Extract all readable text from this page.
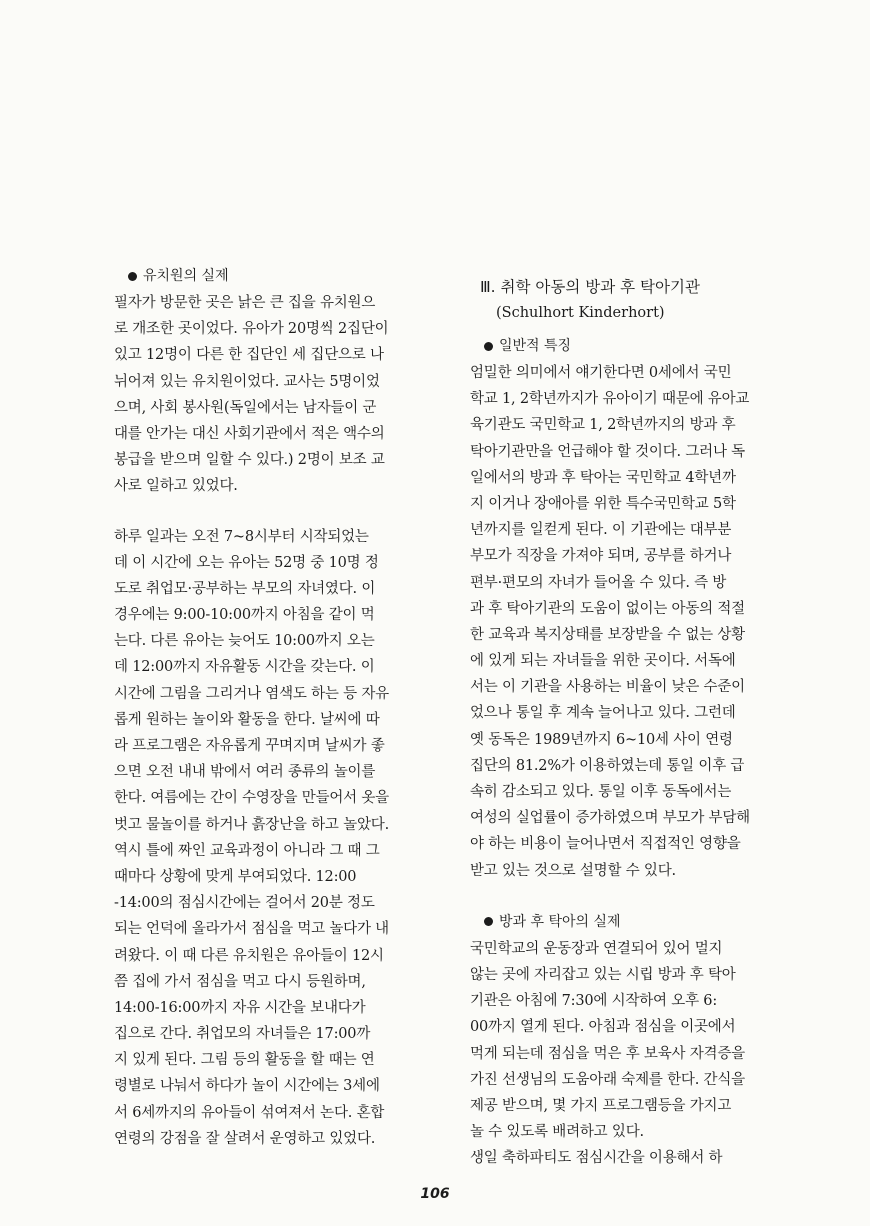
유치원의 실제
필자가 방문한 곳은 낡은 큰 집을 유치원으
로 개조한 곳이었다. 유아가 20명씩 2집단이
있고 12명이 다른 한 집단인 세 집단으로 나
뉘어져 있는 유치원이었다. 교사는 5명이었
으며, 사회 봉사원(독일에서는 남자들이 군
대를 안가는 대신 사회기관에서 적은 액수의
봉급을 받으며 일할 수 있다.) 2명이 보조 교
사로 일하고 있었다.
하루 일과는 오전 7~8시부터 시작되었는
데 이 시간에 오는 유아는 52명 중 10명 정
도로 취업모·공부하는 부모의 자녀였다. 이
경우에는 9:00-10:00까지 아침을 같이 먹
는다. 다른 유아는 늦어도 10:00까지 오는
데 12:00까지 자유활동 시간을 갖는다. 이
시간에 그림을 그리거나 염색도 하는 등 자유
롭게 원하는 놀이와 활동을 한다. 날씨에 따
라 프로그램은 자유롭게 꾸며지며 날씨가 좋
으면 오전 내내 밖에서 여러 종류의 놀이를
한다. 여름에는 간이 수영장을 만들어서 옷을
벗고 물놀이를 하거나 흙장난을 하고 놀았다.
역시 틀에 짜인 교육과정이 아니라 그 때 그
때마다 상황에 맞게 부여되었다. 12:00
-14:00의 점심시간에는 걸어서 20분 정도
되는 언덕에 올라가서 점심을 먹고 놀다가 내
려왔다. 이 때 다른 유치원은 유아들이 12시
쯤 집에 가서 점심을 먹고 다시 등원하며,
14:00-16:00까지 자유 시간을 보내다가
집으로 간다. 취업모의 자녀들은 17:00까
지 있게 된다. 그림 등의 활동을 할 때는 연
령별로 나눠서 하다가 놀이 시간에는 3세에
서 6세까지의 유아들이 섞여져서 논다. 혼합
연령의 강점을 잘 살려서 운영하고 있었다.
Ⅲ. 취학 아동의 방과 후 탁아기관
(Schulhort Kinderhort)
일반적 특징
엄밀한 의미에서 얘기한다면 0세에서 국민
학교 1, 2학년까지가 유아이기 때문에 유아교
육기관도 국민학교 1, 2학년까지의 방과 후
탁아기관만을 언급해야 할 것이다. 그러나 독
일에서의 방과 후 탁아는 국민학교 4학년까
지 이거나 장애아를 위한 특수국민학교 5학
년까지를 일컫게 된다. 이 기관에는 대부분
부모가 직장을 가져야 되며, 공부를 하거나
편부·편모의 자녀가 들어올 수 있다. 즉 방
과 후 탁아기관의 도움이 없이는 아동의 적절
한 교육과 복지상태를 보장받을 수 없는 상황
에 있게 되는 자녀들을 위한 곳이다. 서독에
서는 이 기관을 사용하는 비율이 낮은 수준이
었으나 통일 후 계속 늘어나고 있다. 그런데
옛 동독은 1989년까지 6~10세 사이 연령
집단의 81.2%가 이용하였는데 통일 이후 급
속히 감소되고 있다. 통일 이후 동독에서는
여성의 실업률이 증가하였으며 부모가 부담해
야 하는 비용이 늘어나면서 직접적인 영향을
받고 있는 것으로 설명할 수 있다.
방과 후 탁아의 실제
국민학교의 운동장과 연결되어 있어 멀지
않는 곳에 자리잡고 있는 시립 방과 후 탁아
기관은 아침에 7:30에 시작하여 오후 6:
00까지 열게 된다. 아침과 점심을 이곳에서
먹게 되는데 점심을 먹은 후 보육사 자격증을
가진 선생님의 도움아래 숙제를 한다. 간식을
제공 받으며, 몇 가지 프로그램등을 가지고
놀 수 있도록 배려하고 있다.
생일 축하파티도 점심시간을 이용해서 하
106
